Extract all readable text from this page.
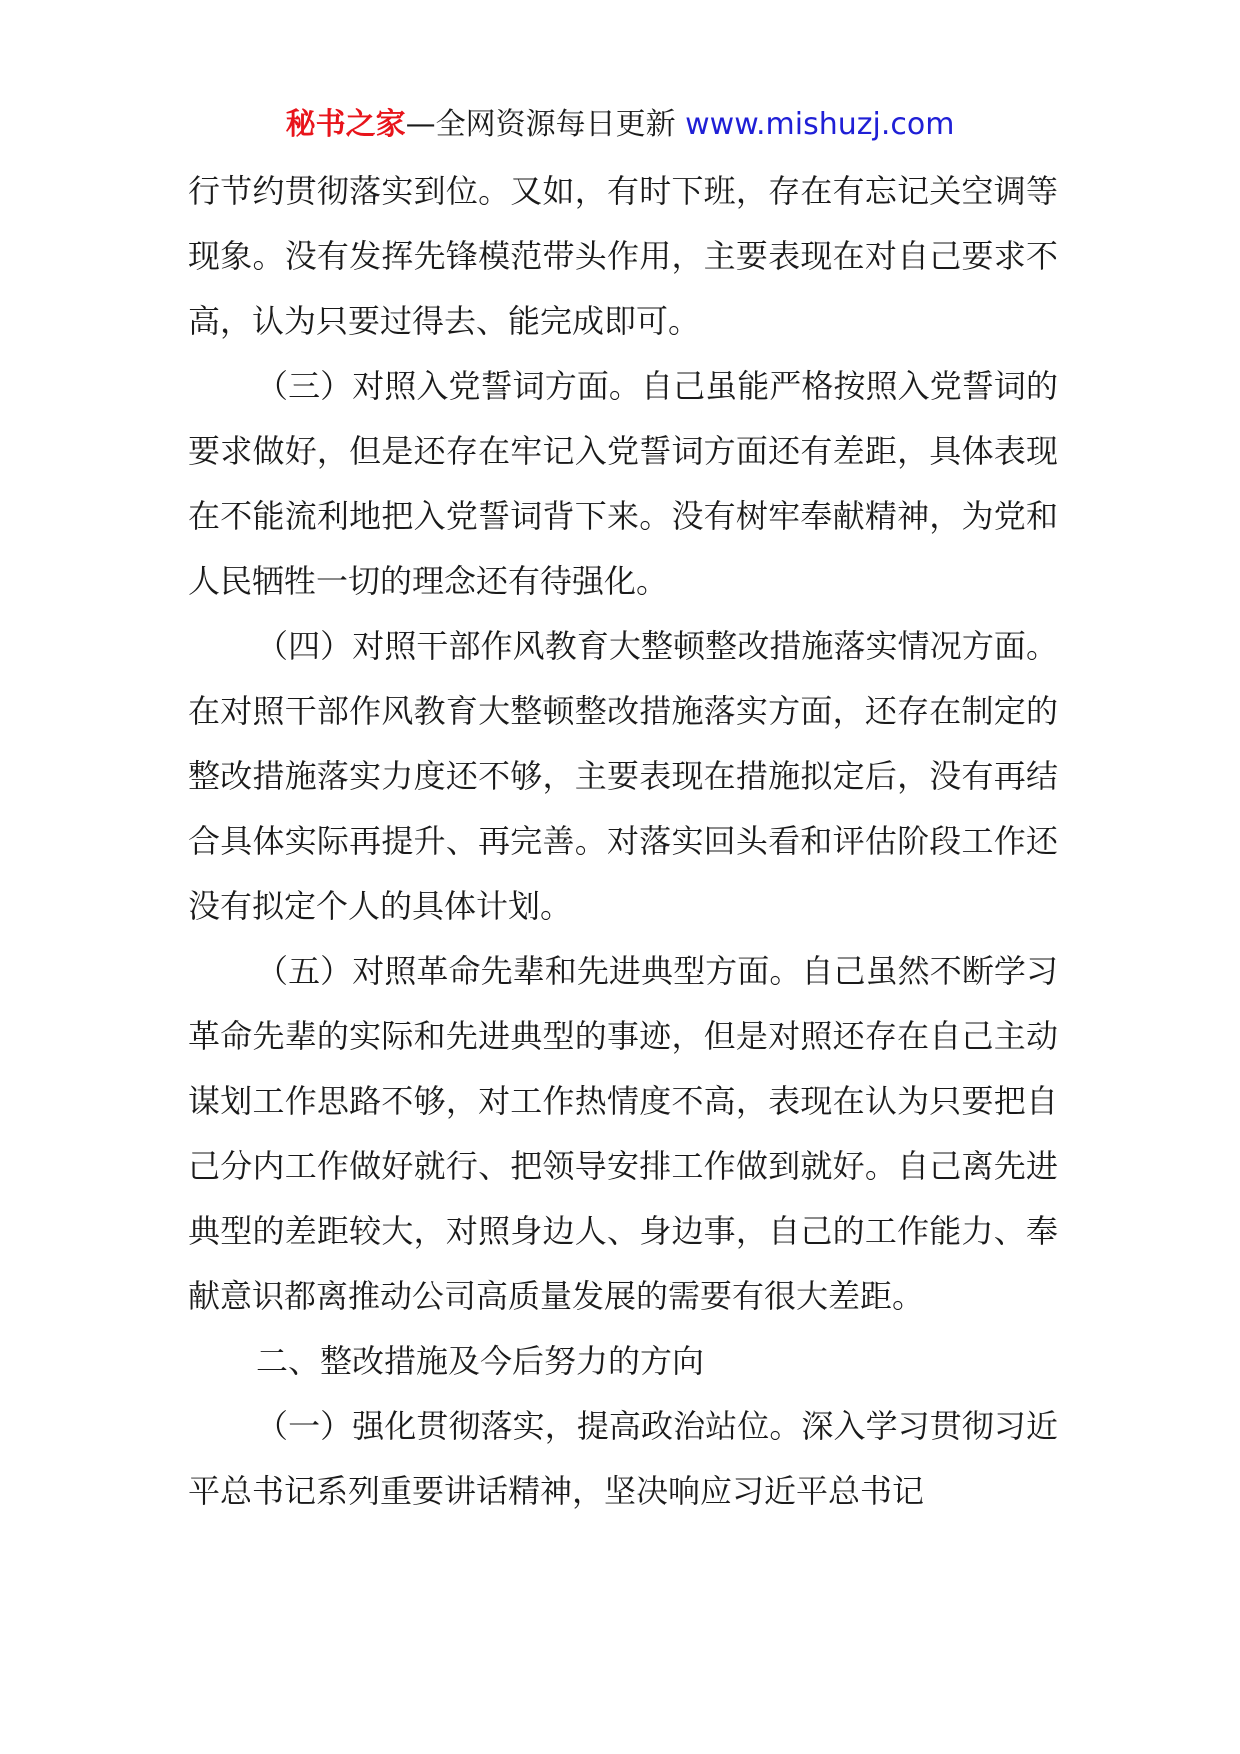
秘书之家—全网资源每日更新 www.mishuzj.com

行节约贯彻落实到位。又如，有时下班，存在有忘记关空调等现象。没有发挥先锋模范带头作用，主要表现在对自己要求不高，认为只要过得去、能完成即可。

（三）对照入党誓词方面。自己虽能严格按照入党誓词的要求做好，但是还存在牢记入党誓词方面还有差距，具体表现在不能流利地把入党誓词背下来。没有树牢奉献精神，为党和人民牺牲一切的理念还有待强化。

（四）对照干部作风教育大整顿整改措施落实情况方面。在对照干部作风教育大整顿整改措施落实方面，还存在制定的整改措施落实力度还不够，主要表现在措施拟定后，没有再结合具体实际再提升、再完善。对落实回头看和评估阶段工作还没有拟定个人的具体计划。

（五）对照革命先辈和先进典型方面。自己虽然不断学习革命先辈的实际和先进典型的事迹，但是对照还存在自己主动谋划工作思路不够，对工作热情度不高，表现在认为只要把自己分内工作做好就行、把领导安排工作做到就好。自己离先进典型的差距较大，对照身边人、身边事，自己的工作能力、奉献意识都离推动公司高质量发展的需要有很大差距。

二、整改措施及今后努力的方向

（一）强化贯彻落实，提高政治站位。深入学习贯彻习近平总书记系列重要讲话精神，坚决响应习近平总书记
